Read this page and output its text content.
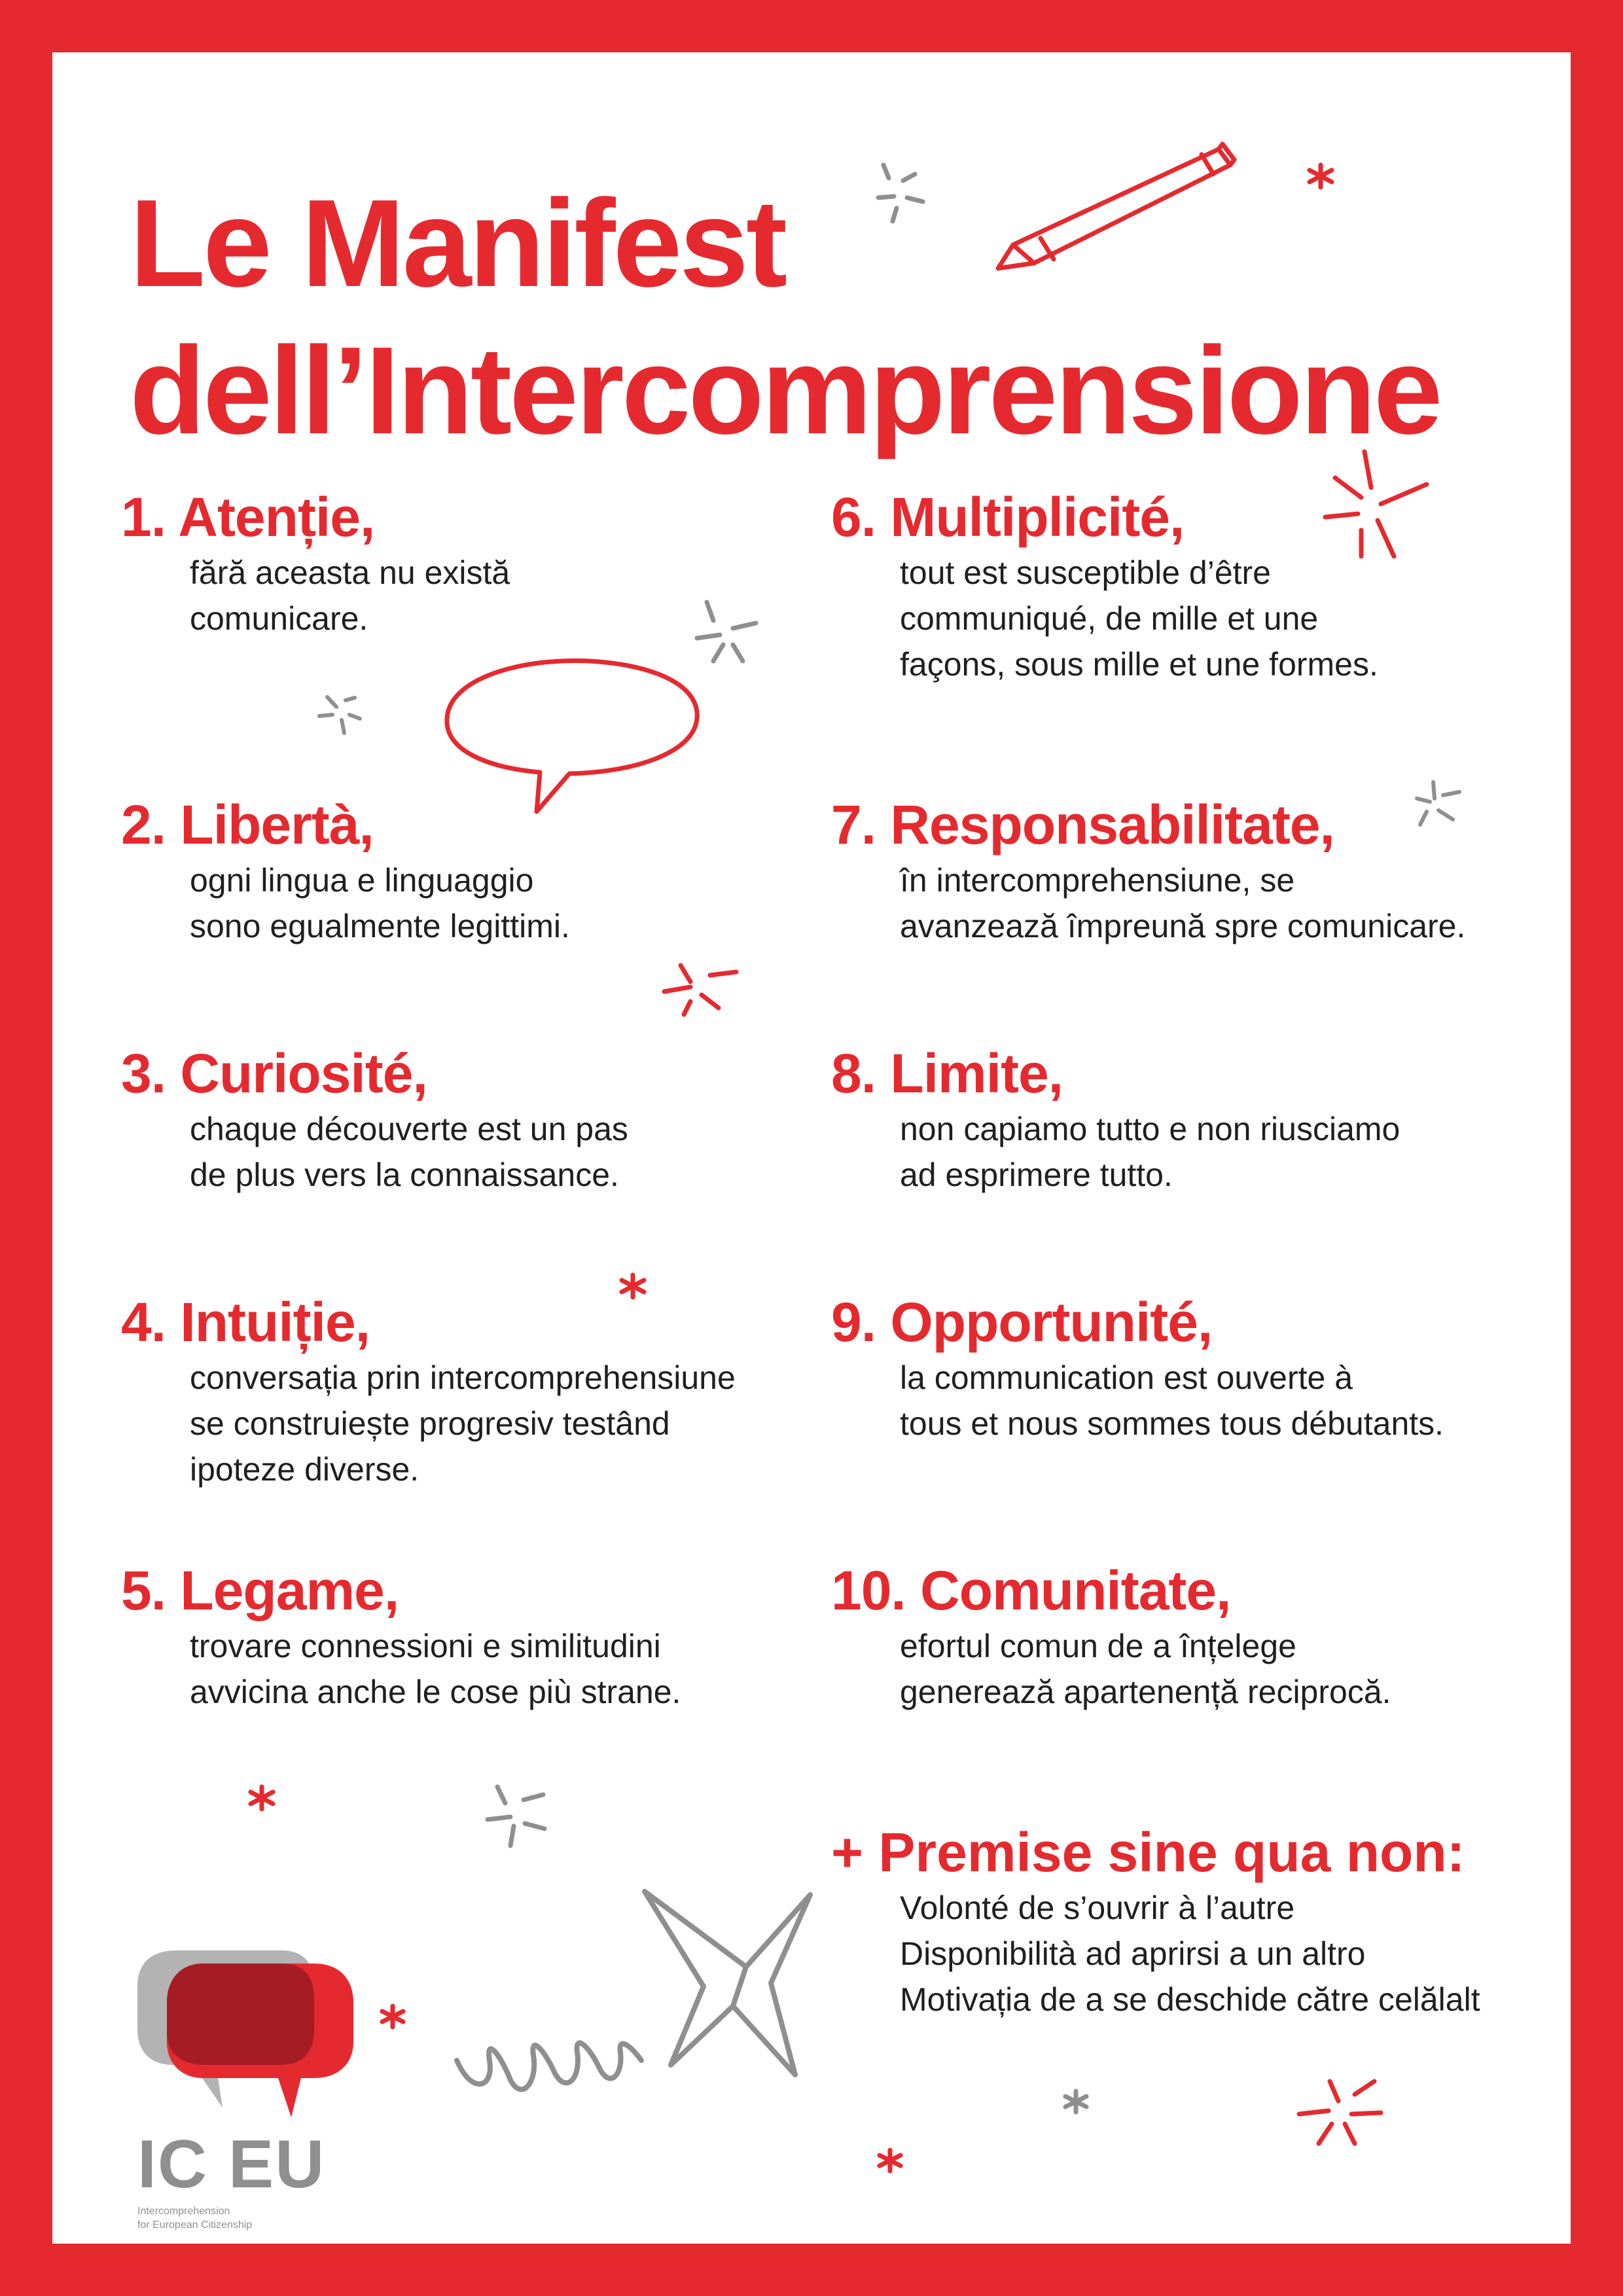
Le Manifest
dell’Intercomprensione
1. Atenție,

fără aceasta nu există

comunicare.

2. Libertà,

ogni lingua e linguaggio

sono egualmente legittimi.

3. Curiosité,

chaque découverte est un pas

de plus vers la connaissance.

4. Intuiție,

conversația prin intercomprehensiune

se construiește progresiv testând

ipoteze diverse.

5. Legame,

trovare connessioni e similitudini

avvicina anche le cose più strane.

6. Multiplicité,

tout est susceptible d’être

communiqué, de mille et une

façons, sous mille et une formes.

7. Responsabilitate,

în intercomprehensiune, se

avanzează împreună spre comunicare.

8. Limite,

non capiamo tutto e non riusciamo

ad esprimere tutto.

9. Opportunité,

la communication est ouverte à

tous et nous sommes tous débutants.

10. Comunitate,

efortul comun de a înțelege

generează apartenență reciprocă.

+ Premise sine qua non:

Volonté de s’ouvrir à l’autre

Disponibilità ad aprirsi a un altro

Motivația de a se deschide către celălalt

IC EU

Intercomprehension
for European Citizenship
